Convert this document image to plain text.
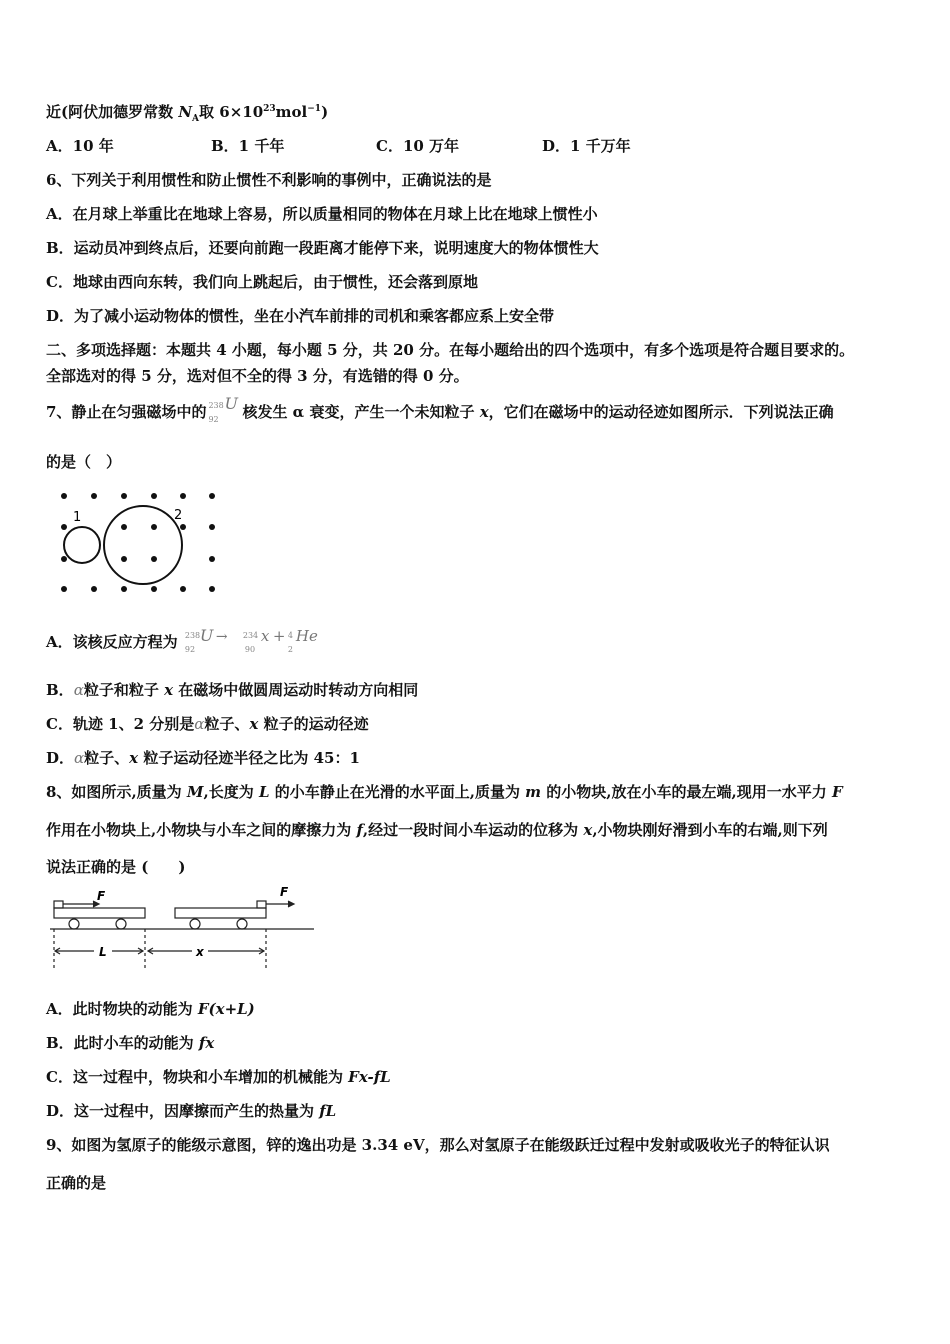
近(阿伏加德罗常数 $N_A$取 $6\times 10^{23}mol^{-1}$)
A．10 年	B．1 千年	C．10 万年	D．1 千万年
6、下列关于利用惯性和防止惯性不利影响的事例中，正确说法的是
A．在月球上举重比在地球上容易，所以质量相同的物体在月球上比在地球上惯性小
B．运动员冲到终点后，还要向前跑一段距离才能停下来，说明速度大的物体惯性大
C．地球由西向东转，我们向上跳起后，由于惯性，还会落到原地
D．为了减小运动物体的惯性，坐在小汽车前排的司机和乘客都应系上安全带
二、多项选择题：本题共 4 小题，每小题 5 分，共 20 分。在每小题给出的四个选项中，有多个选项是符合题目要求的。
全部选对的得 5 分，选对但不全的得 3 分，有选错的得 0 分。
7、静止在匀强磁场中的 238
92
U 核发生 α 衰变，产生一个未知粒子 x，它们在磁场中的运动径迹如图所示．下列说法正确
的是（　）
1	2
A．该核反应方程为 238
92
U → 234
90
x + 4
2
He
B．α粒子和粒子 x 在磁场中做圆周运动时转动方向相同
C．轨迹 1、2 分别是α粒子、x 粒子的运动径迹
D．α粒子、x 粒子运动径迹半径之比为 45：1
8、如图所示,质量为 M,长度为 L 的小车静止在光滑的水平面上,质量为 m 的小物块,放在小车的最左端,现用一水平力 F
作用在小物块上,小物块与小车之间的摩擦力为 f,经过一段时间小车运动的位移为 x,小物块刚好滑到小车的右端,则下列
说法正确的是 (　　)
F	F
L	x
A．此时物块的动能为 F(x+L)
B．此时小车的动能为 fx
C．这一过程中，物块和小车增加的机械能为 Fx-fL
D．这一过程中，因摩擦而产生的热量为 fL
9、如图为氢原子的能级示意图，锌的逸出功是 3.34 eV，那么对氢原子在能级跃迁过程中发射或吸收光子的特征认识
正确的是
